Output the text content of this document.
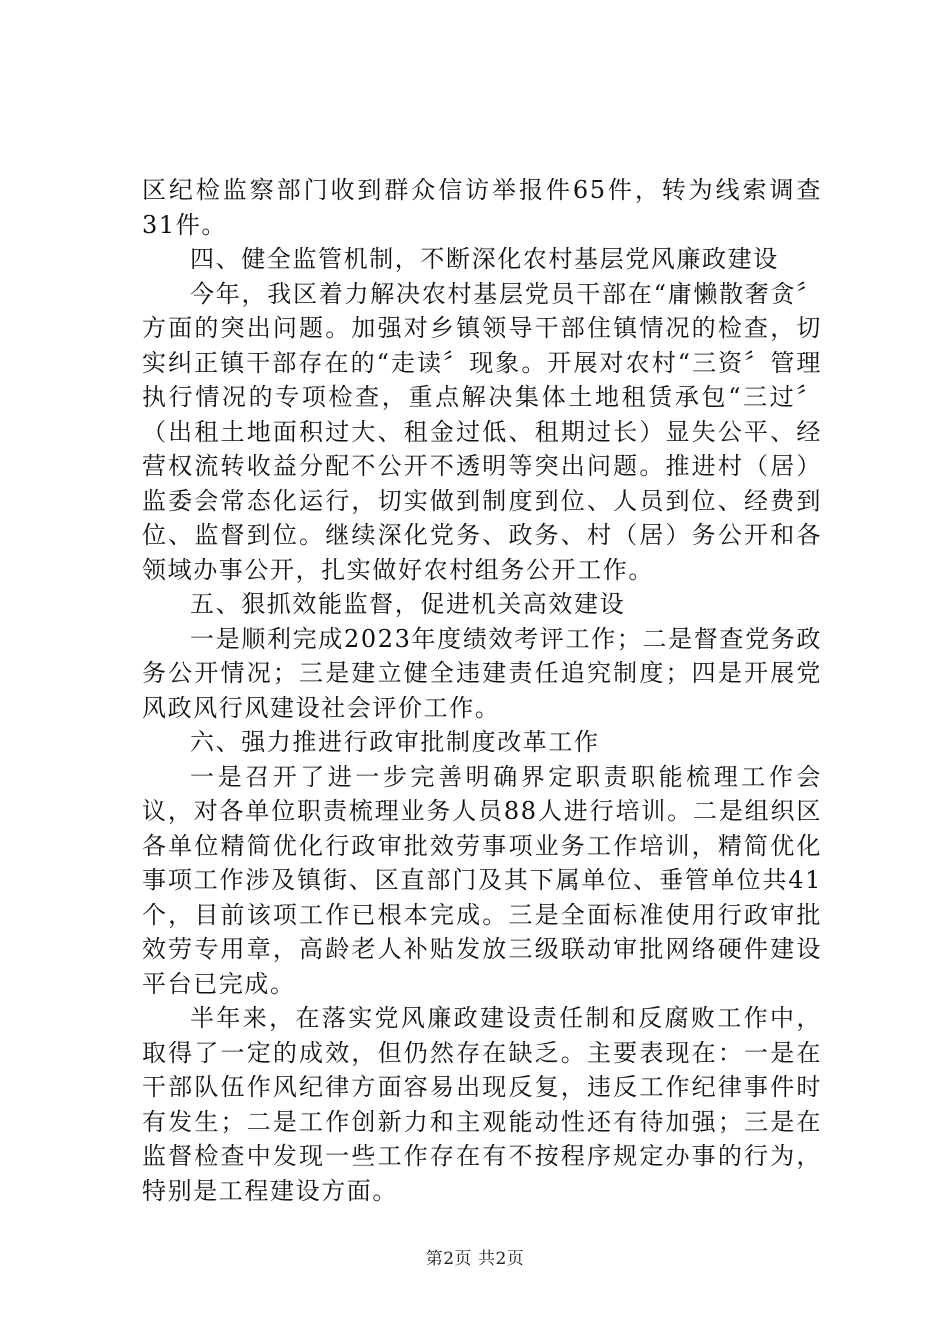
区纪检监察部门收到群众信访举报件65件，转为线索调查31件。

四、健全监管机制，不断深化农村基层党风廉政建设

今年，我区着力解决农村基层党员干部在“庸懒散奢贪〞方面的突出问题。加强对乡镇领导干部住镇情况的检查，切实纠正镇干部存在的“走读〞现象。开展对农村“三资〞管理执行情况的专项检查，重点解决集体土地租赁承包“三过〞（出租土地面积过大、租金过低、租期过长）显失公平、经营权流转收益分配不公开不透明等突出问题。推进村（居）监委会常态化运行，切实做到制度到位、人员到位、经费到位、监督到位。继续深化党务、政务、村（居）务公开和各领域办事公开，扎实做好农村组务公开工作。

五、狠抓效能监督，促进机关高效建设

一是顺利完成2023年度绩效考评工作；二是督查党务政务公开情况；三是建立健全违建责任追究制度；四是开展党风政风行风建设社会评价工作。

六、强力推进行政审批制度改革工作

一是召开了进一步完善明确界定职责职能梳理工作会议，对各单位职责梳理业务人员88人进行培训。二是组织区各单位精简优化行政审批效劳事项业务工作培训，精简优化事项工作涉及镇街、区直部门及其下属单位、垂管单位共41个，目前该项工作已根本完成。三是全面标准使用行政审批效劳专用章，高龄老人补贴发放三级联动审批网络硬件建设平台已完成。

半年来，在落实党风廉政建设责任制和反腐败工作中，取得了一定的成效，但仍然存在缺乏。主要表现在：一是在干部队伍作风纪律方面容易出现反复，违反工作纪律事件时有发生；二是工作创新力和主观能动性还有待加强；三是在监督检查中发现一些工作存在有不按程序规定办事的行为，特别是工程建设方面。

第2页 共2页
